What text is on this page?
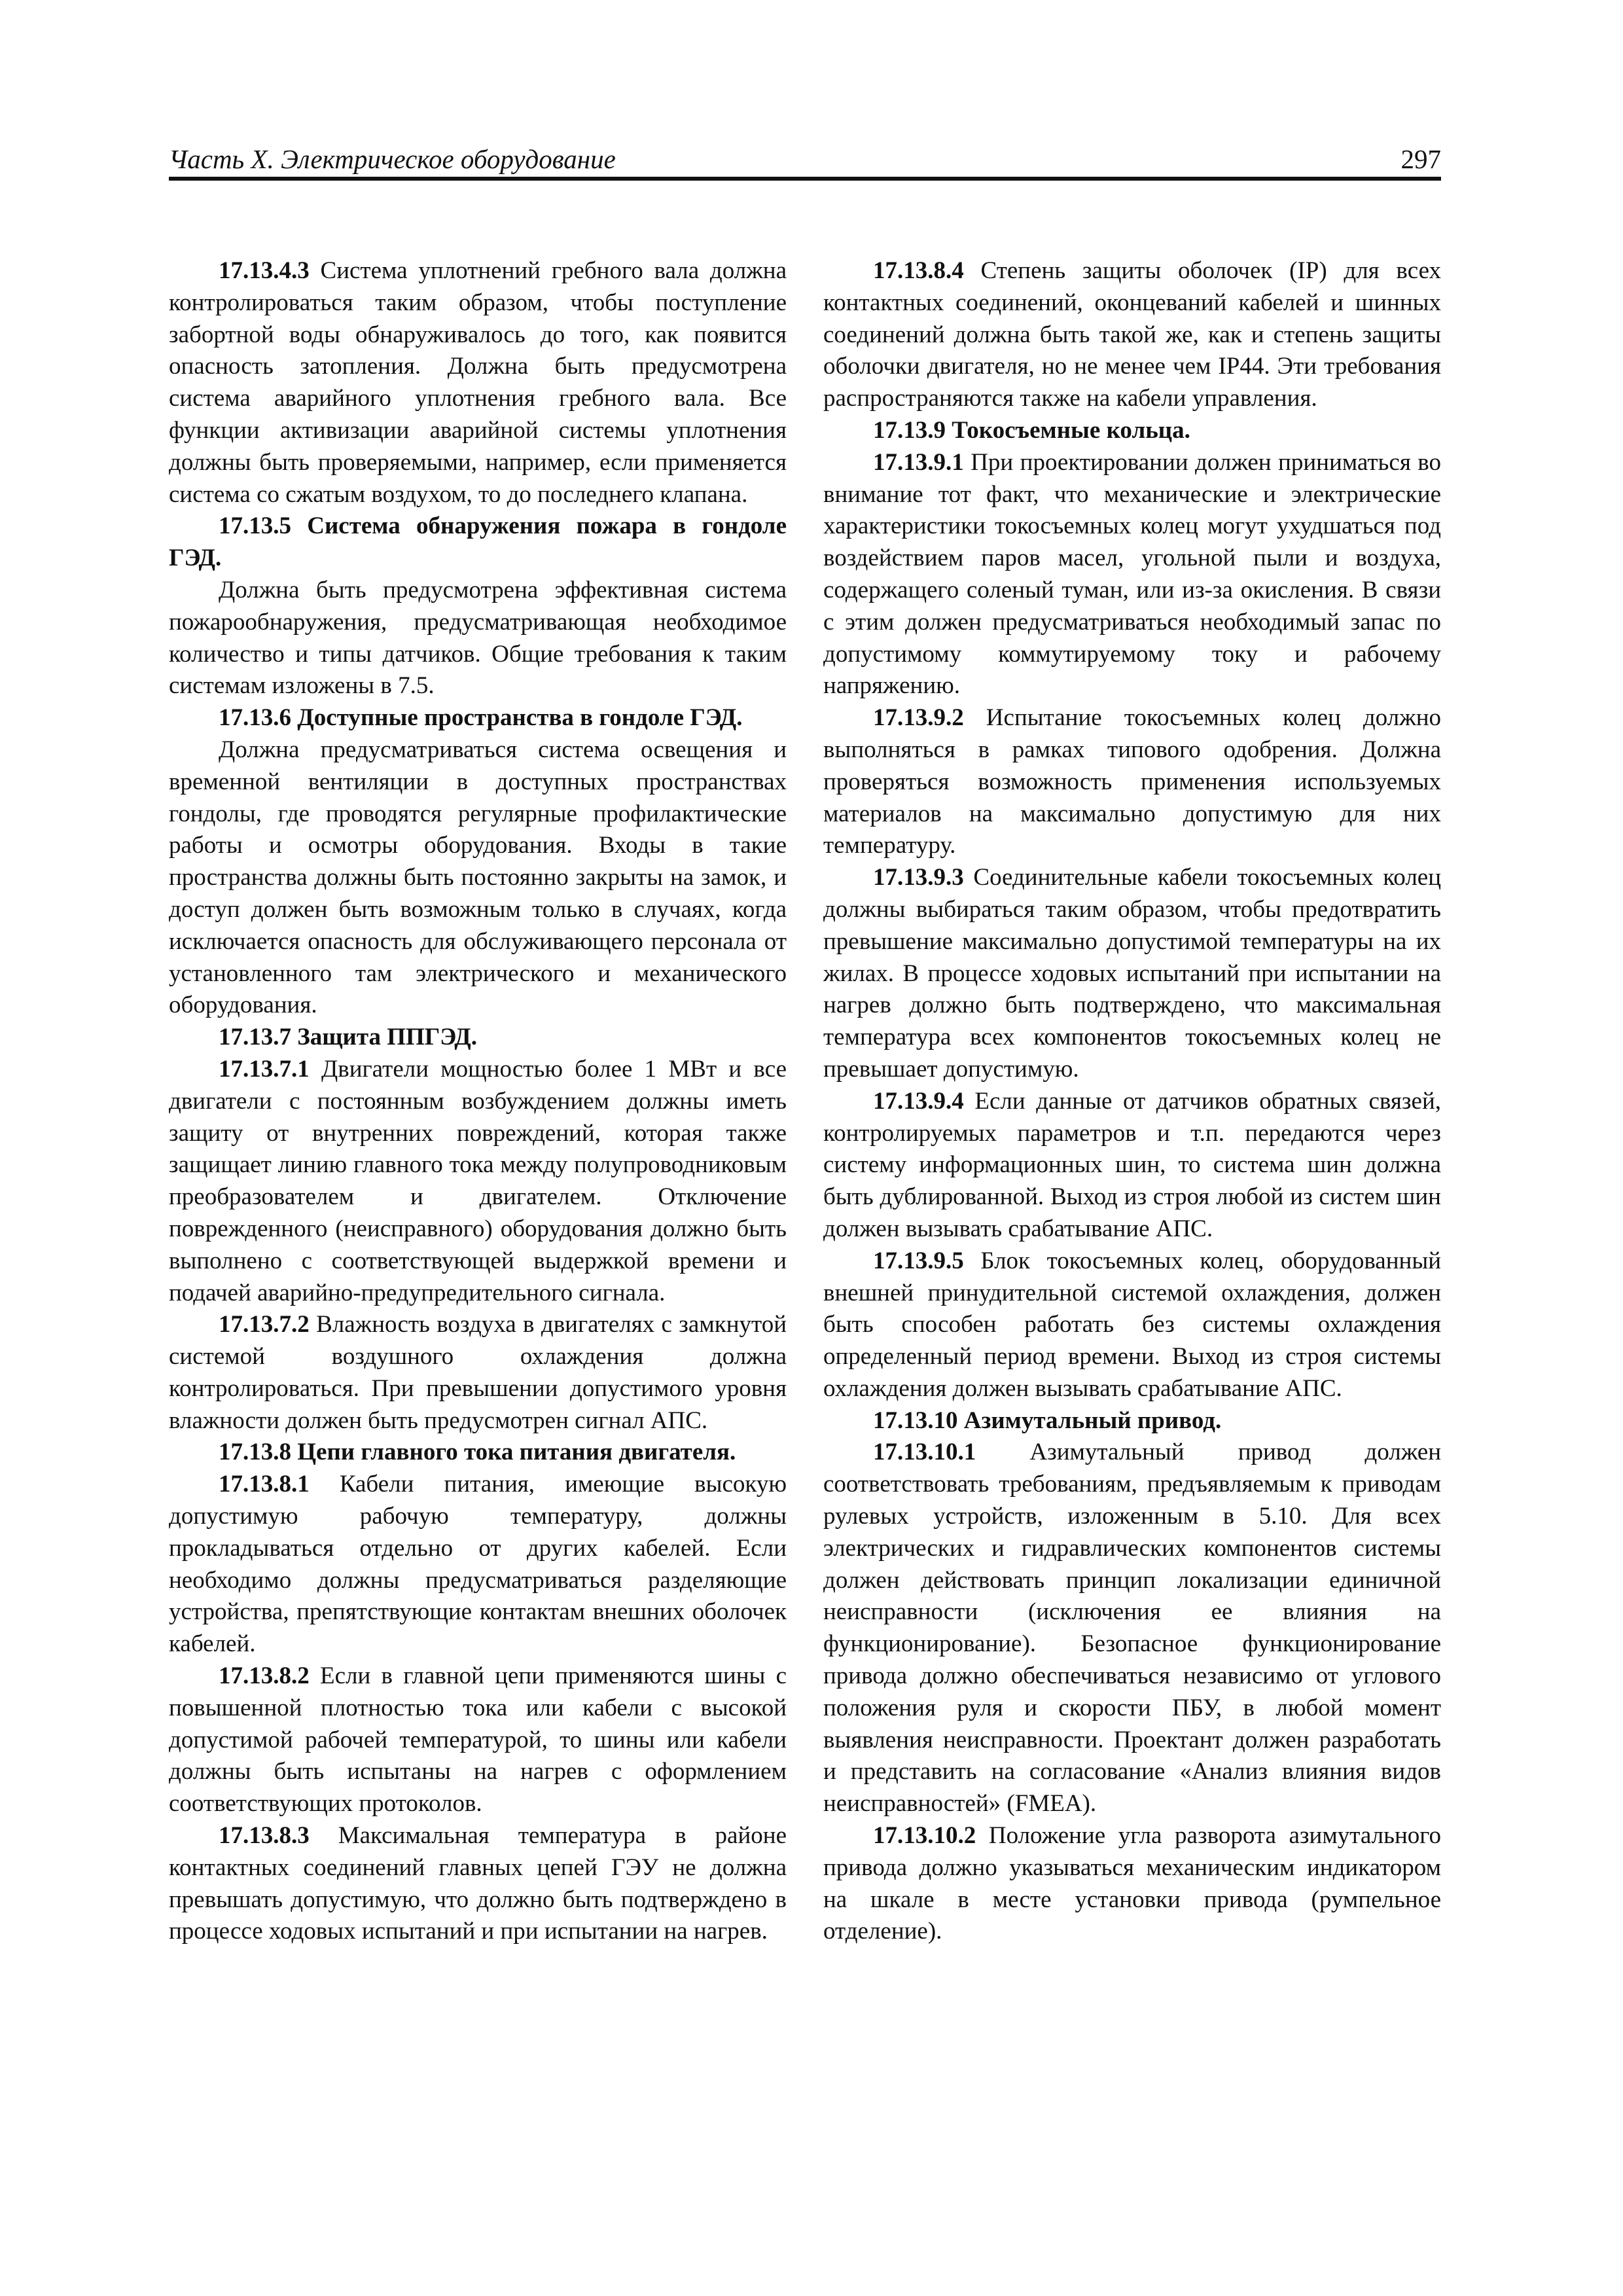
Часть X. Электрическое оборудование	297

17.13.4.3 Система уплотнений гребного вала должна контролироваться таким образом, чтобы поступление забортной воды обнаруживалось до того, как появится опасность затопления. Должна быть предусмотрена система аварийного уплотнения гребного вала. Все функции активизации аварийной системы уплотнения должны быть проверяемыми, например, если применяется система со сжатым воздухом, то до последнего клапана.

17.13.5 Система обнаружения пожара в гондоле ГЭД.

Должна быть предусмотрена эффективная система пожарообнаружения, предусматривающая необходимое количество и типы датчиков. Общие требования к таким системам изложены в 7.5.

17.13.6 Доступные пространства в гондоле ГЭД.

Должна предусматриваться система освещения и временной вентиляции в доступных пространствах гондолы, где проводятся регулярные профилактические работы и осмотры оборудования. Входы в такие пространства должны быть постоянно закрыты на замок, и доступ должен быть возможным только в случаях, когда исключается опасность для обслуживающего персонала от установленного там электрического и механического оборудования.

17.13.7 Защита ППГЭД.

17.13.7.1 Двигатели мощностью более 1 МВт и все двигатели с постоянным возбуждением должны иметь защиту от внутренних повреждений, которая также защищает линию главного тока между полупроводниковым преобразователем и двигателем. Отключение поврежденного (неисправного) оборудования должно быть выполнено с соответствующей выдержкой времени и подачей аварийно-предупредительного сигнала.

17.13.7.2 Влажность воздуха в двигателях с замкнутой системой воздушного охлаждения должна контролироваться. При превышении допустимого уровня влажности должен быть предусмотрен сигнал АПС.

17.13.8 Цепи главного тока питания двигателя.

17.13.8.1 Кабели питания, имеющие высокую допустимую рабочую температуру, должны прокладываться отдельно от других кабелей. Если необходимо должны предусматриваться разделяющие устройства, препятствующие контактам внешних оболочек кабелей.

17.13.8.2 Если в главной цепи применяются шины с повышенной плотностью тока или кабели с высокой допустимой рабочей температурой, то шины или кабели должны быть испытаны на нагрев с оформлением соответствующих протоколов.

17.13.8.3 Максимальная температура в районе контактных соединений главных цепей ГЭУ не должна превышать допустимую, что должно быть подтверждено в процессе ходовых испытаний и при испытании на нагрев.

17.13.8.4 Степень защиты оболочек (IP) для всех контактных соединений, оконцеваний кабелей и шинных соединений должна быть такой же, как и степень защиты оболочки двигателя, но не менее чем IP44. Эти требования распространяются также на кабели управления.

17.13.9 Токосъемные кольца.

17.13.9.1 При проектировании должен приниматься во внимание тот факт, что механические и электрические характеристики токосъемных колец могут ухудшаться под воздействием паров масел, угольной пыли и воздуха, содержащего соленый туман, или из-за окисления. В связи с этим должен предусматриваться необходимый запас по допустимому коммутируемому току и рабочему напряжению.

17.13.9.2 Испытание токосъемных колец должно выполняться в рамках типового одобрения. Должна проверяться возможность применения используемых материалов на максимально допустимую для них температуру.

17.13.9.3 Соединительные кабели токосъемных колец должны выбираться таким образом, чтобы предотвратить превышение максимально допустимой температуры на их жилах. В процессе ходовых испытаний при испытании на нагрев должно быть подтверждено, что максимальная температура всех компонентов токосъемных колец не превышает допустимую.

17.13.9.4 Если данные от датчиков обратных связей, контролируемых параметров и т.п. передаются через систему информационных шин, то система шин должна быть дублированной. Выход из строя любой из систем шин должен вызывать срабатывание АПС.

17.13.9.5 Блок токосъемных колец, оборудованный внешней принудительной системой охлаждения, должен быть способен работать без системы охлаждения определенный период времени. Выход из строя системы охлаждения должен вызывать срабатывание АПС.

17.13.10 Азимутальный привод.

17.13.10.1 Азимутальный привод должен соответствовать требованиям, предъявляемым к приводам рулевых устройств, изложенным в 5.10. Для всех электрических и гидравлических компонентов системы должен действовать принцип локализации единичной неисправности (исключения ее влияния на функционирование). Безопасное функционирование привода должно обеспечиваться независимо от углового положения руля и скорости ПБУ, в любой момент выявления неисправности. Проектант должен разработать и представить на согласование «Анализ влияния видов неисправностей» (FMEA).

17.13.10.2 Положение угла разворота азимутального привода должно указываться механическим индикатором на шкале в месте установки привода (румпельное отделение).
